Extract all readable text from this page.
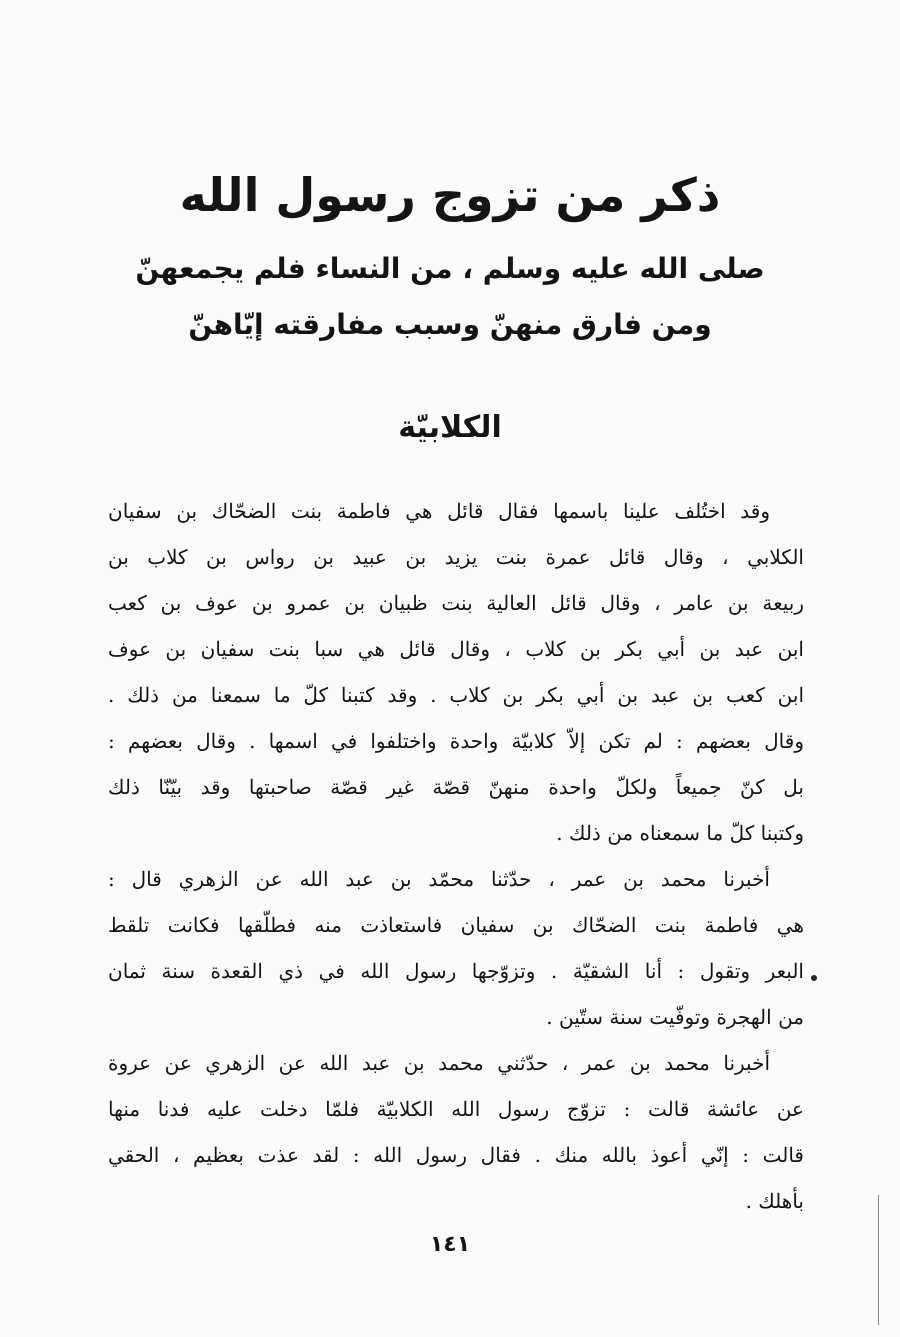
ذكر من تزوج رسول الله
صلى الله عليه وسلم ، من النساء فلم يجمعهنّ
ومن فارق منهنّ وسبب مفارقته إيّاهنّ
الكلابيّة
وقد اختُلف علينا باسمها فقال قائل هي فاطمة بنت الضحّاك بن سفيان
الكلابي ، وقال قائل عمرة بنت يزيد بن عبيد بن رواس بن كلاب بن
ربيعة بن عامر ، وقال قائل العالية بنت ظبيان بن عمرو بن عوف بن كعب
ابن عبد بن أبي بكر بن كلاب ، وقال قائل هي سبا بنت سفيان بن عوف
ابن كعب بن عبد بن أبي بكر بن كلاب . وقد كتبنا كلّ ما سمعنا من ذلك .
وقال بعضهم : لم تكن إلاّ كلابيّة واحدة واختلفوا في اسمها . وقال بعضهم :
بل كنّ جميعاً ولكلّ واحدة منهنّ قصّة غير قصّة صاحبتها وقد بيّنّا ذلك
وكتبنا كلّ ما سمعناه من ذلك .
أخبرنا محمد بن عمر ، حدّثنا محمّد بن عبد الله عن الزهري قال :
هي فاطمة بنت الضحّاك بن سفيان فاستعاذت منه فطلّقها فكانت تلقط
البعر وتقول : أنا الشقيّة . وتزوّجها رسول الله في ذي القعدة سنة ثمان
من الهجرة وتوفّيت سنة ستّين .
أخبرنا محمد بن عمر ، حدّثني محمد بن عبد الله عن الزهري عن عروة
عن عائشة قالت : تزوّج رسول الله الكلابيّة فلمّا دخلت عليه فدنا منها
قالت : إنّي أعوذ بالله منك . فقال رسول الله : لقد عذت بعظيم ، الحقي
بأهلك .
١٤١
